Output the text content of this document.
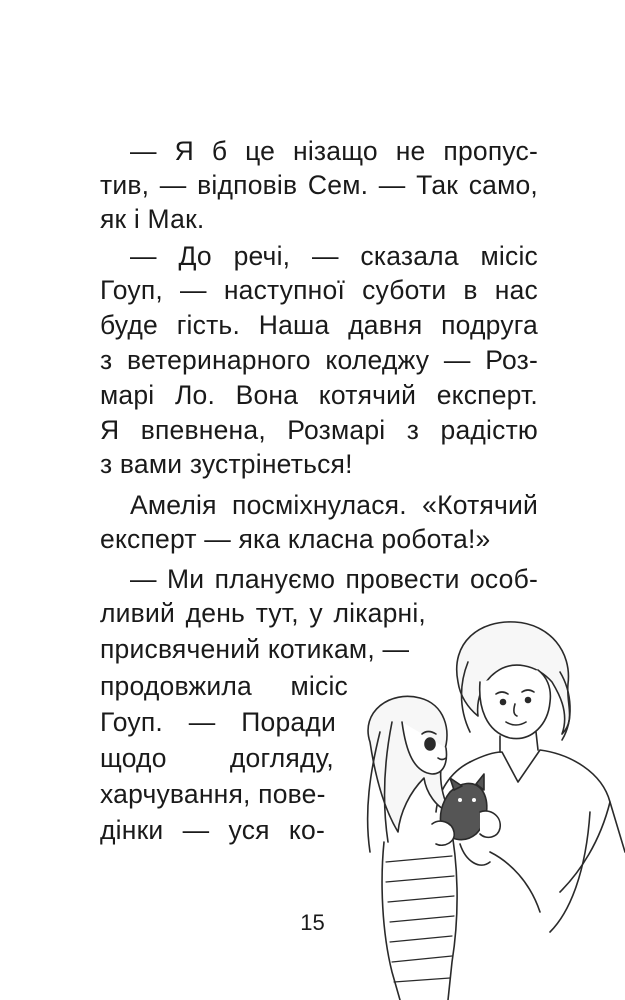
— Я б це нізащо не пропус-
тив, — відповів Сем. — Так само,
як і Мак.
— До речі, — сказала місіс
Гоуп, — наступної суботи в нас
буде гість. Наша давня подруга
з ветеринарного коледжу — Роз-
марі Ло. Вона котячий експерт.
Я впевнена, Розмарі з радістю
з вами зустрінеться!
Амелія посміхнулася. «Котячий
експерт — яка класна робота!»
— Ми плануємо провести особ-
ливий день тут, у лікарні,
присвячений котикам, —
продовжила місіс
Гоуп. — Поради
щодо догляду,
харчування, пове-
дінки — уся ко-
15
